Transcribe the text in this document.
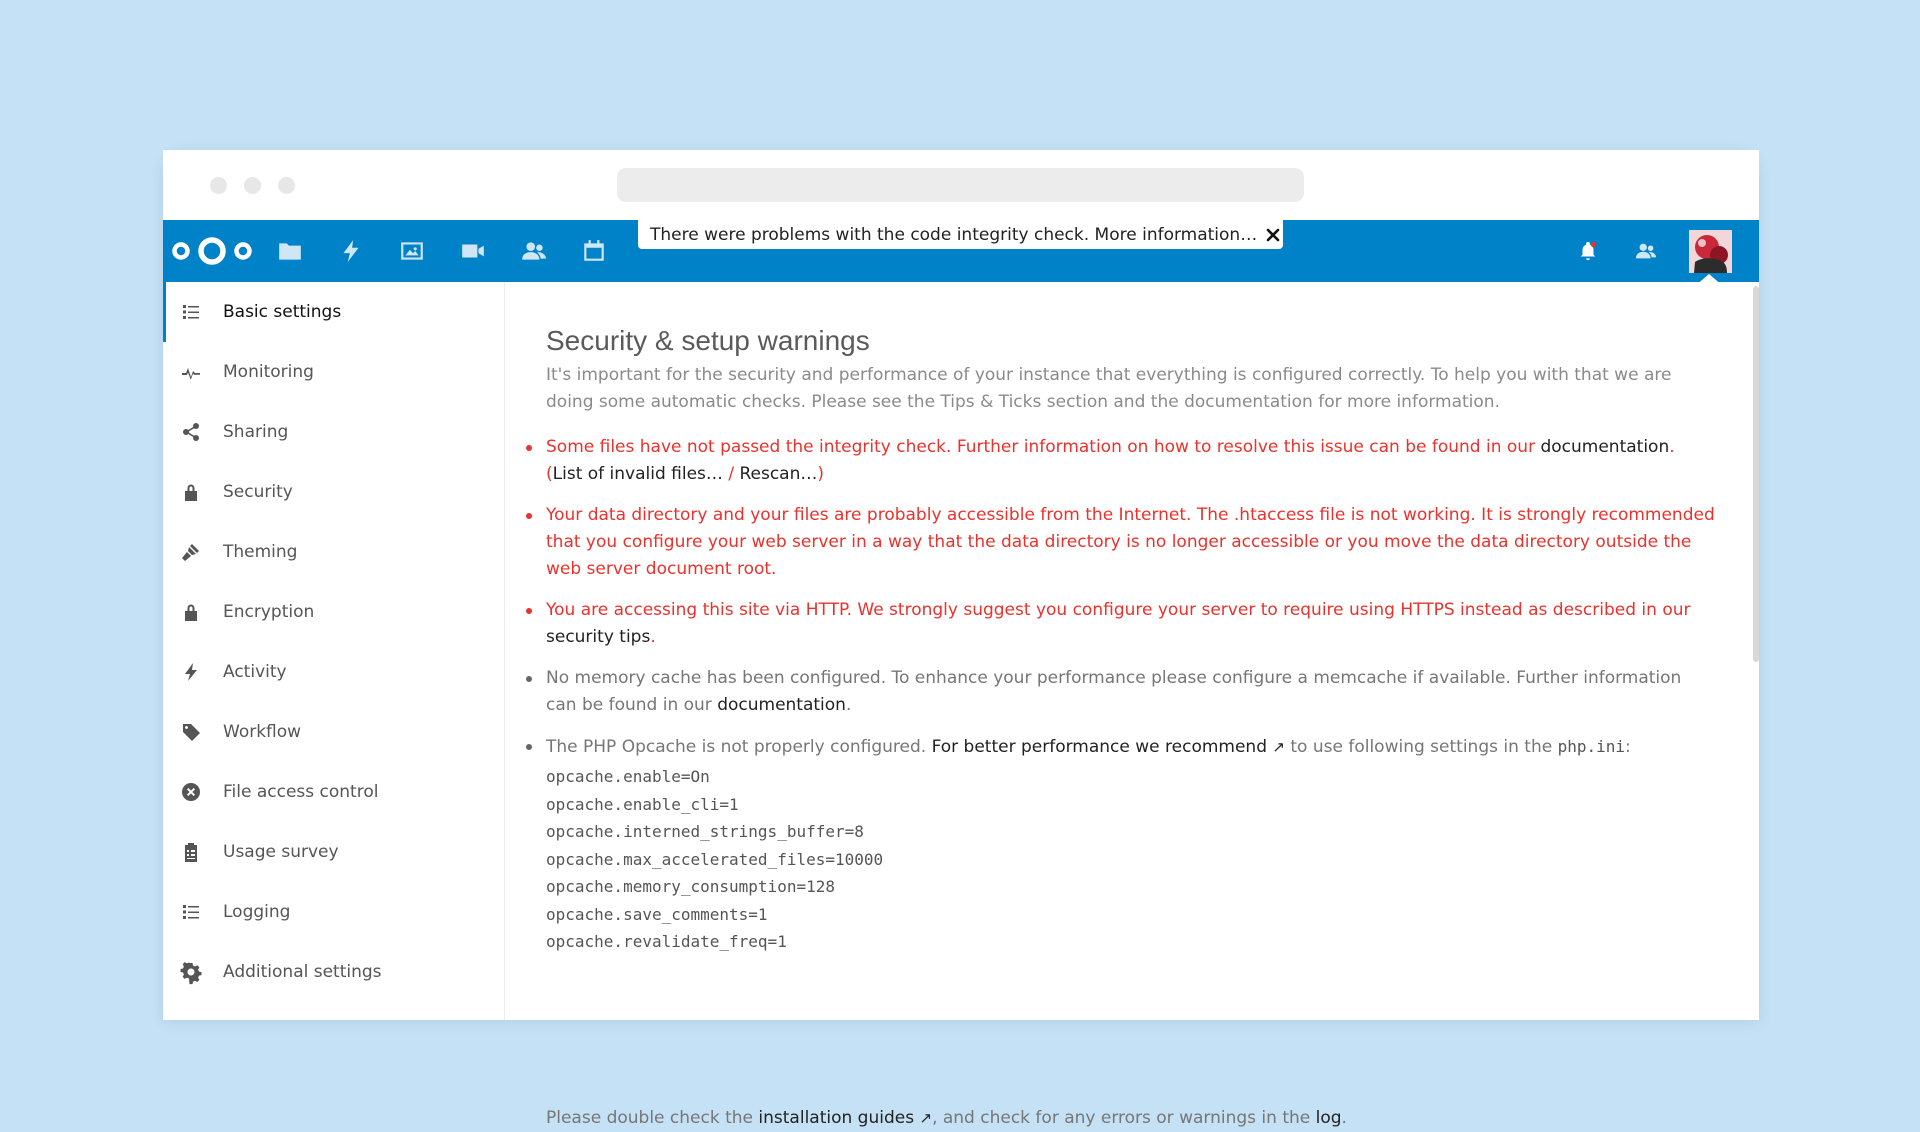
There were problems with the code integrity check. More information…
Basic settings
Monitoring
Sharing
Security
Theming
Encryption
Activity
Workflow
File access control
Usage survey
Logging
Additional settings
Security & setup warnings

It's important for the security and performance of your instance that everything is configured correctly. To help you with that we are doing some automatic checks. Please see the Tips & Ticks section and the documentation for more information.

Some files have not passed the integrity check. Further information on how to resolve this issue can be found in our documentation. (List of invalid files… / Rescan…)
Your data directory and your files are probably accessible from the Internet. The .htaccess file is not working. It is strongly recommended that you configure your web server in a way that the data directory is no longer accessible or you move the data directory outside the web server document root.
You are accessing this site via HTTP. We strongly suggest you configure your server to require using HTTPS instead as described in our security tips.
No memory cache has been configured. To enhance your performance please configure a memcache if available. Further information can be found in our documentation.
The PHP Opcache is not properly configured. For better performance we recommend ↗ to use following settings in the php.ini:
opcache.enable=On
opcache.enable_cli=1
opcache.interned_strings_buffer=8
opcache.max_accelerated_files=10000
opcache.memory_consumption=128
opcache.save_comments=1
opcache.revalidate_freq=1

Please double check the installation guides ↗, and check for any errors or warnings in the log.
